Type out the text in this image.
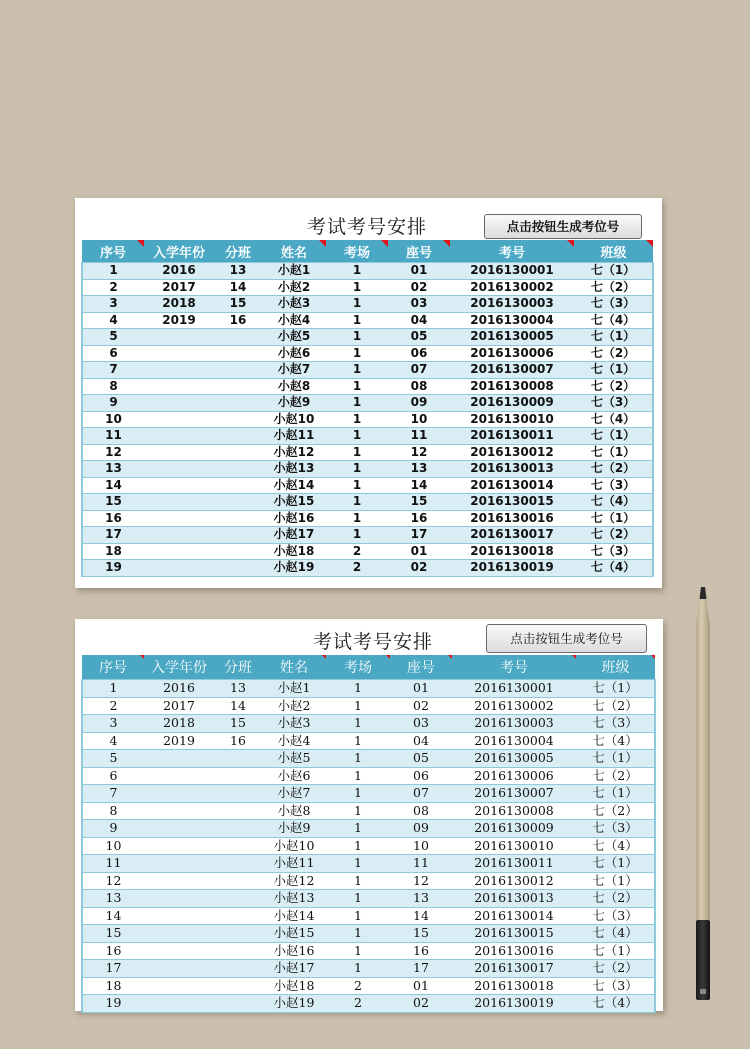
考试考号安排	点击按钮生成考位号
序号	入学年份	分班	姓名	考场	座号	考号	班级

1	2016	13	小赵1	1	01	2016130001	七（1）
2	2017	14	小赵2	1	02	2016130002	七（2）
3	2018	15	小赵3	1	03	2016130003	七（3）
4	2019	16	小赵4	1	04	2016130004	七（4）
5			小赵5	1	05	2016130005	七（1）
6			小赵6	1	06	2016130006	七（2）
7			小赵7	1	07	2016130007	七（1）
8			小赵8	1	08	2016130008	七（2）
9			小赵9	1	09	2016130009	七（3）
10			小赵10	1	10	2016130010	七（4）
11			小赵11	1	11	2016130011	七（1）
12			小赵12	1	12	2016130012	七（1）
13			小赵13	1	13	2016130013	七（2）
14			小赵14	1	14	2016130014	七（3）
15			小赵15	1	15	2016130015	七（4）
16			小赵16	1	16	2016130016	七（1）
17			小赵17	1	17	2016130017	七（2）
18			小赵18	2	01	2016130018	七（3）
19			小赵19	2	02	2016130019	七（4）
考试考号安排	点击按钮生成考位号
序号	入学年份	分班	姓名	考场	座号	考号	班级

1	2016	13	小赵1	1	01	2016130001	七（1）
2	2017	14	小赵2	1	02	2016130002	七（2）
3	2018	15	小赵3	1	03	2016130003	七（3）
4	2019	16	小赵4	1	04	2016130004	七（4）
5			小赵5	1	05	2016130005	七（1）
6			小赵6	1	06	2016130006	七（2）
7			小赵7	1	07	2016130007	七（1）
8			小赵8	1	08	2016130008	七（2）
9			小赵9	1	09	2016130009	七（3）
10			小赵10	1	10	2016130010	七（4）
11			小赵11	1	11	2016130011	七（1）
12			小赵12	1	12	2016130012	七（1）
13			小赵13	1	13	2016130013	七（2）
14			小赵14	1	14	2016130014	七（3）
15			小赵15	1	15	2016130015	七（4）
16			小赵16	1	16	2016130016	七（1）
17			小赵17	1	17	2016130017	七（2）
18			小赵18	2	01	2016130018	七（3）
19			小赵19	2	02	2016130019	七（4）
